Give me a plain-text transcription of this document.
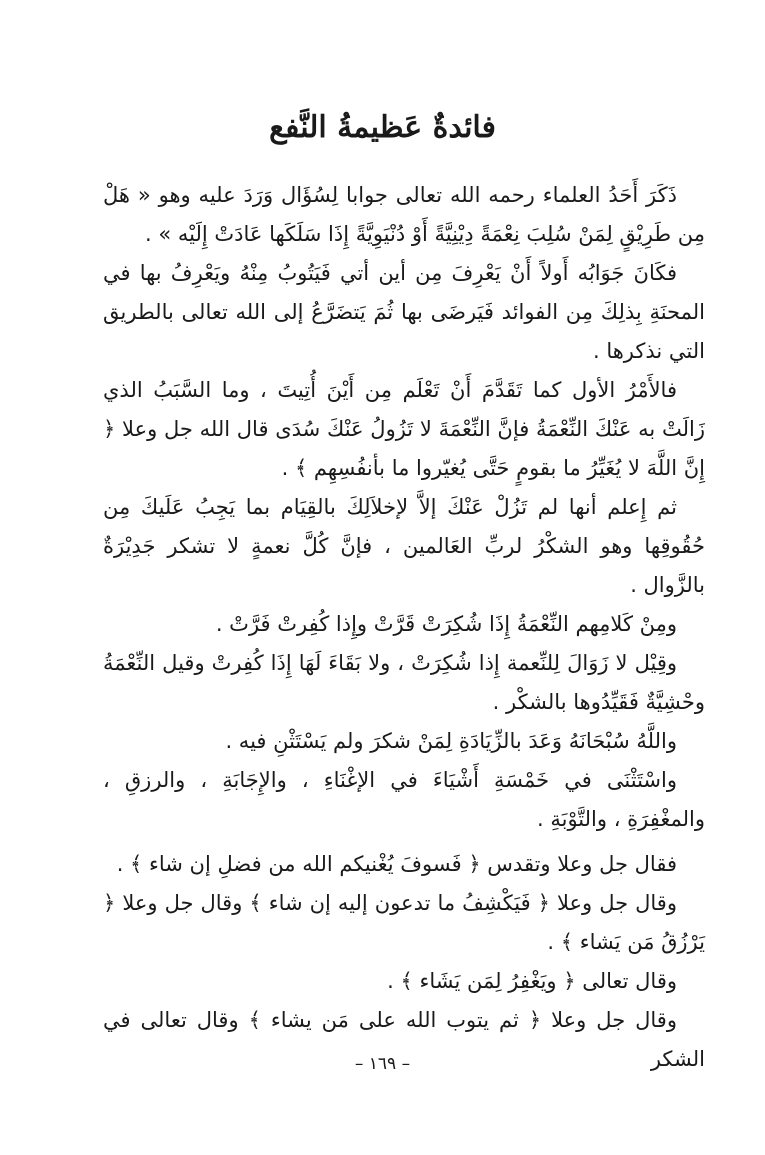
فائدةٌ عَظيمةُ النَّفع

ذَكَرَ أَحَدُ العلماء رحمه الله تعالى جوابا لِسُؤَال وَرَدَ عليه وهو « هَلْ مِن طَرِيْقٍ لِمَنْ سُلِبَ نِعْمَةً دِيْنِيَّةً أَوْ دُنْيَوِيَّةً إِذَا سَلَكَها عَادَتْ إِلَيْه » .

فكَانَ جَوَابُه أَولاً أَنْ يَعْرِفَ مِن أين أتي فَيَتُوبُ مِنْهُ ويَعْرِفُ بها في المحنَةِ بِذلِكَ مِن الفوائد فَيَرضَى بها ثُمَ يَتضَرَّعُ إلى الله تعالى بالطريق التي نذكرها .

فالأَمْرُ الأول كما تَقَدَّمَ أَنْ تَعْلَم مِن أَيْنَ أُتِيتَ ، وما السَّبَبُ الذي زَالَتْ به عَنْكَ النِّعْمَةُ فإنَّ النِّعْمَةَ لا تَزُولُ عَنْكَ سُدَى قال الله جل وعلا ﴿ إِنَّ اللَّهَ لا يُغَيِّرُ ما بقومٍ حَتَّى يُغيّروا ما بأنفُسِهِم ﴾ .

ثم إِعلم أنها لم تَزُلْ عَنْكَ إلاَّ لإخلاَلِكَ بالقِيَام بما يَجِبُ عَلَيكَ مِن حُقُوقِها وهو الشكْرُ لربِّ العَالمين ، فإنَّ كُلَّ نعمةٍ لا تشكر جَدِيْرَةٌ بالزَّوال .

ومِنْ كَلامِهم النِّعْمَةُ إِذَا شُكِرَتْ قَرَّتْ وإِذا كُفِرتْ فَرَّتْ .

وقِيْل لا زَوَالَ لِلنِّعمة إِذا شُكِرَتْ ، ولا بَقَاءَ لَهَا إِذَا كُفِرتْ وقيل النِّعْمَةُ وحْشِيَّةٌ فَقَيِّدُوها بالشكْر .

واللَّهُ سُبْحَانَهُ وَعَدَ بالزِّيَادَةِ لِمَنْ شكرَ ولم يَسْتَثْنِ فيه .

واسْتَثْنَى في خَمْسَةِ أَشْيَاءَ في الإغْنَاءِ ، والإِجَابَةِ ، والرزقِ ، والمغْفِرَةِ ، والتَّوْبَةِ .

فقال جل وعلا وتقدس ﴿ فَسوفَ يُغْنيكم الله من فضلِ إن شاء ﴾ .

وقال جل وعلا ﴿ فَيَكْشِفُ ما تدعون إليه إن شاء ﴾ وقال جل وعلا ﴿ يَرْزُقُ مَن يَشاء ﴾ .

وقال تعالى ﴿ ويَغْفِرُ لِمَن يَشَاء ﴾ .

وقال جل وعلا ﴿ ثم يتوب الله على مَن يشاء ﴾ وقال تعالى في الشكر

– ١٦٩ –
